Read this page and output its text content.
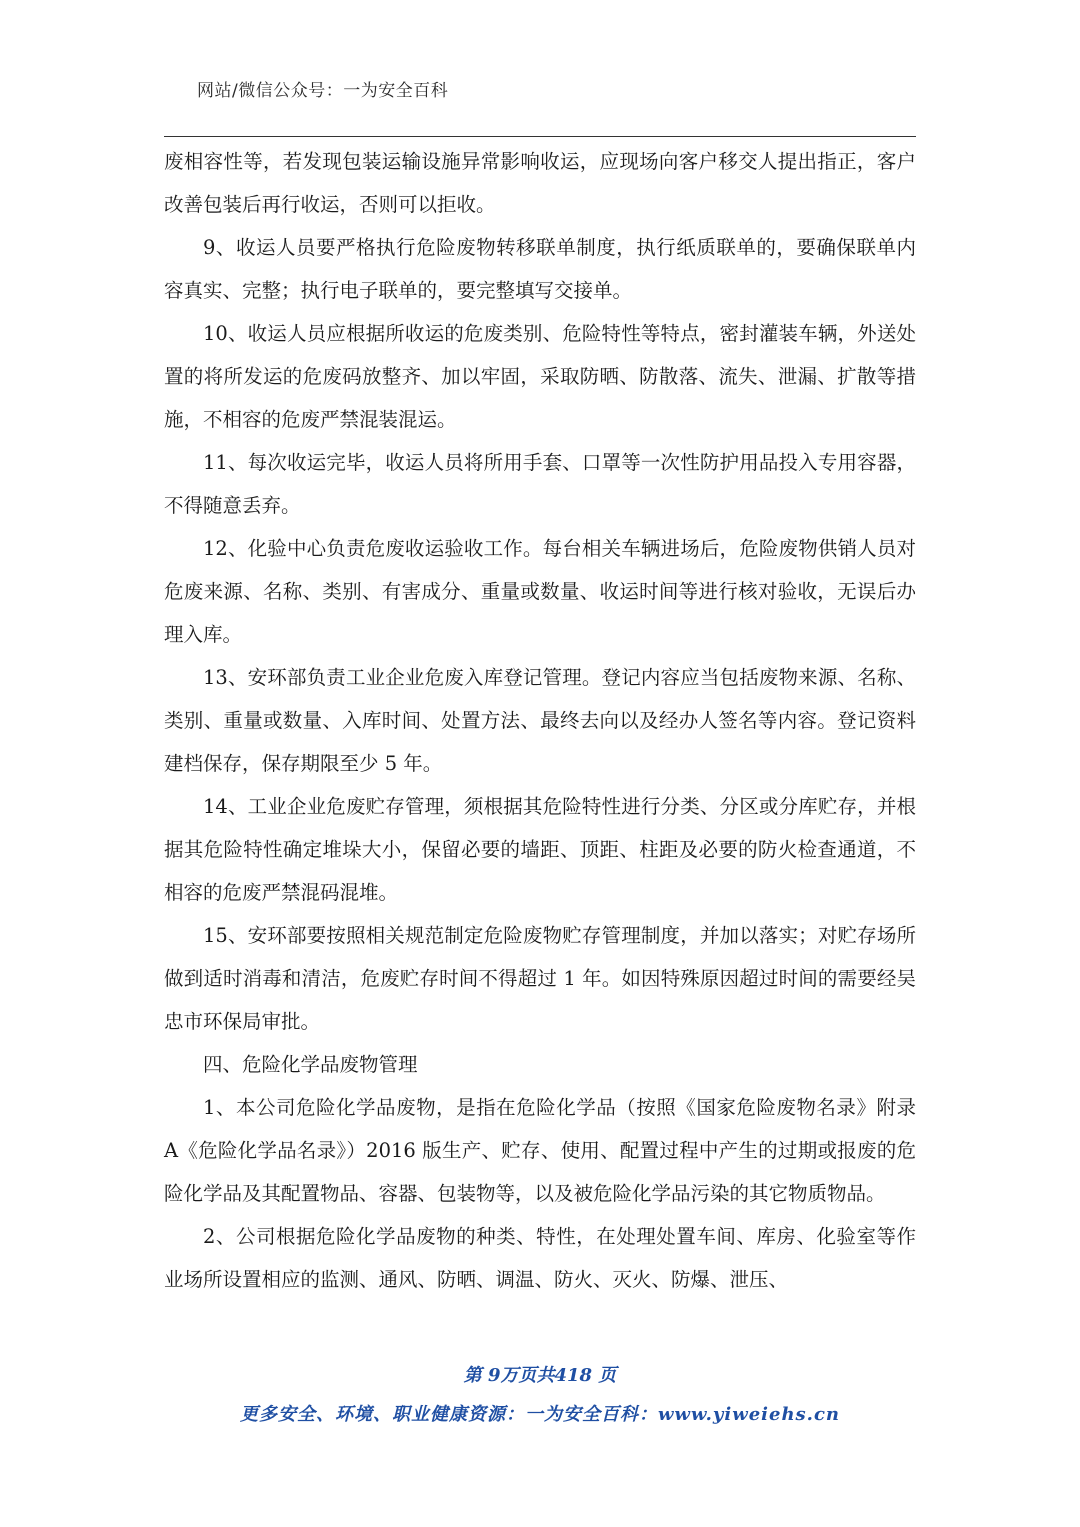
网站/微信公众号：一为安全百科

废相容性等，若发现包装运输设施异常影响收运，应现场向客户移交人提出指正，客户改善包装后再行收运，否则可以拒收。

9、收运人员要严格执行危险废物转移联单制度，执行纸质联单的，要确保联单内容真实、完整；执行电子联单的，要完整填写交接单。

10、收运人员应根据所收运的危废类别、危险特性等特点，密封灌装车辆，外送处置的将所发运的危废码放整齐、加以牢固，采取防晒、防散落、流失、泄漏、扩散等措施，不相容的危废严禁混装混运。

11、每次收运完毕，收运人员将所用手套、口罩等一次性防护用品投入专用容器，不得随意丢弃。

12、化验中心负责危废收运验收工作。每台相关车辆进场后，危险废物供销人员对危废来源、名称、类别、有害成分、重量或数量、收运时间等进行核对验收，无误后办理入库。

13、安环部负责工业企业危废入库登记管理。登记内容应当包括废物来源、名称、类别、重量或数量、入库时间、处置方法、最终去向以及经办人签名等内容。登记资料建档保存，保存期限至少 5 年。

14、工业企业危废贮存管理，须根据其危险特性进行分类、分区或分库贮存，并根据其危险特性确定堆垛大小，保留必要的墙距、顶距、柱距及必要的防火检查通道，不相容的危废严禁混码混堆。

15、安环部要按照相关规范制定危险废物贮存管理制度，并加以落实；对贮存场所做到适时消毒和清洁，危废贮存时间不得超过 1 年。如因特殊原因超过时间的需要经吴忠市环保局审批。

四、危险化学品废物管理

1、本公司危险化学品废物，是指在危险化学品（按照《国家危险废物名录》附录 A《危险化学品名录》）2016 版生产、贮存、使用、配置过程中产生的过期或报废的危险化学品及其配置物品、容器、包装物等，以及被危险化学品污染的其它物质物品。

2、公司根据危险化学品废物的种类、特性，在处理处置车间、库房、化验室等作业场所设置相应的监测、通风、防晒、调温、防火、灭火、防爆、泄压、

第 9万页共418 页
更多安全、环境、职业健康资源：一为安全百科：www.yiweiehs.cn
